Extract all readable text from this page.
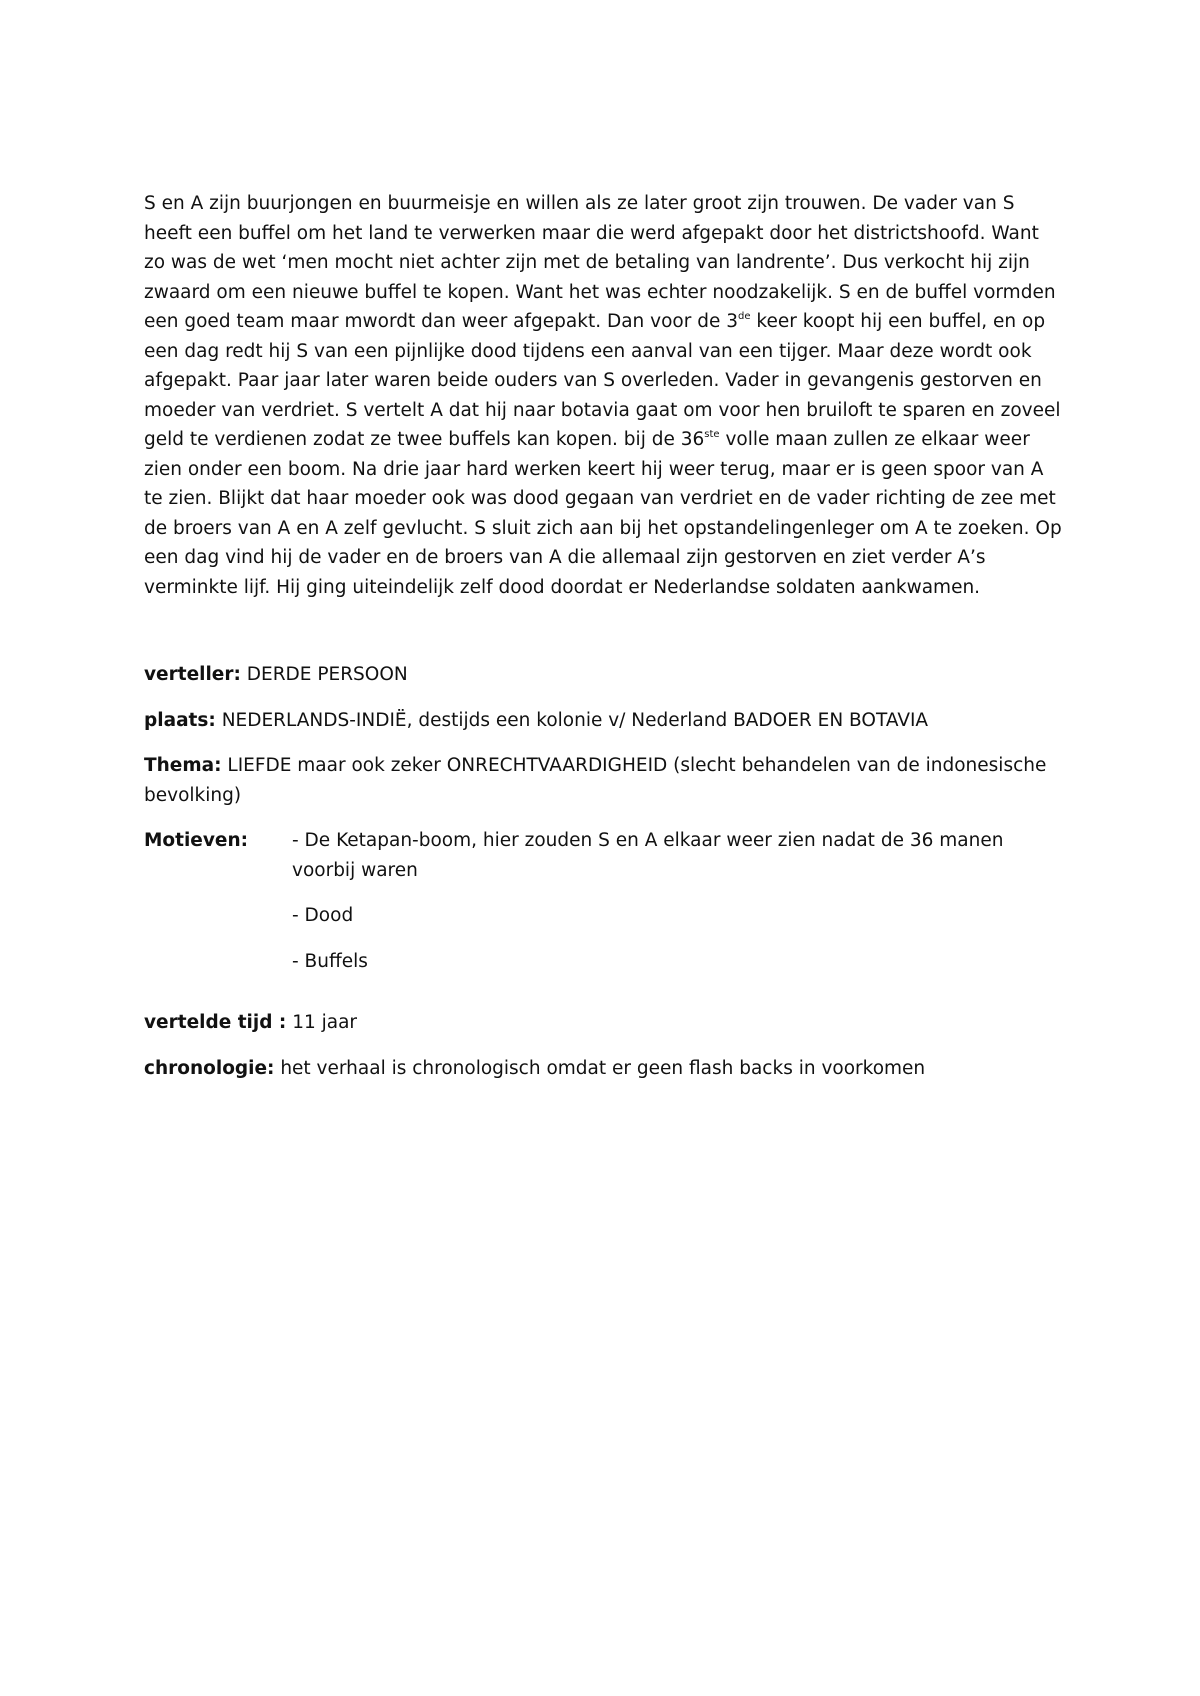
S en A zijn buurjongen en buurmeisje en willen als ze later groot zijn trouwen. De vader van S heeft een buffel om het land te verwerken maar die werd afgepakt door het districtshoofd. Want zo was de wet ‘men mocht niet achter zijn met de betaling van landrente’. Dus verkocht hij zijn zwaard om een nieuwe buffel te kopen. Want het was echter noodzakelijk. S en de buffel vormden een goed team maar mwordt dan weer afgepakt. Dan voor de 3de keer koopt hij een buffel, en op een dag redt hij S van een pijnlijke dood tijdens een aanval van een tijger. Maar deze wordt ook afgepakt. Paar jaar later waren beide ouders van S overleden. Vader in gevangenis gestorven en moeder van verdriet. S vertelt A dat hij naar botavia gaat om voor hen bruiloft te sparen en zoveel geld te verdienen zodat ze twee buffels kan kopen. bij de 36ste volle maan zullen ze elkaar weer zien onder een boom. Na drie jaar hard werken keert hij weer terug, maar er is geen spoor van A te zien. Blijkt dat haar moeder ook was dood gegaan van verdriet en de vader richting de zee met de broers van A en A zelf gevlucht. S sluit zich aan bij het opstandelingenleger om A te zoeken. Op een dag vind hij de vader en de broers van A die allemaal zijn gestorven en ziet verder A’s verminkte lijf. Hij ging uiteindelijk zelf dood doordat er Nederlandse soldaten aankwamen.

verteller: DERDE PERSOON

plaats: NEDERLANDS-INDIË, destijds een kolonie v/ Nederland BADOER EN BOTAVIA

Thema: LIEFDE maar ook zeker ONRECHTVAARDIGHEID (slecht behandelen van de indonesische bevolking)

Motieven:	- De Ketapan-boom, hier zouden S en A elkaar weer zien nadat de 36 manen voorbij waren
- Dood
- Buffels

vertelde tijd : 11 jaar

chronologie: het verhaal is chronologisch omdat er geen flash backs in voorkomen
